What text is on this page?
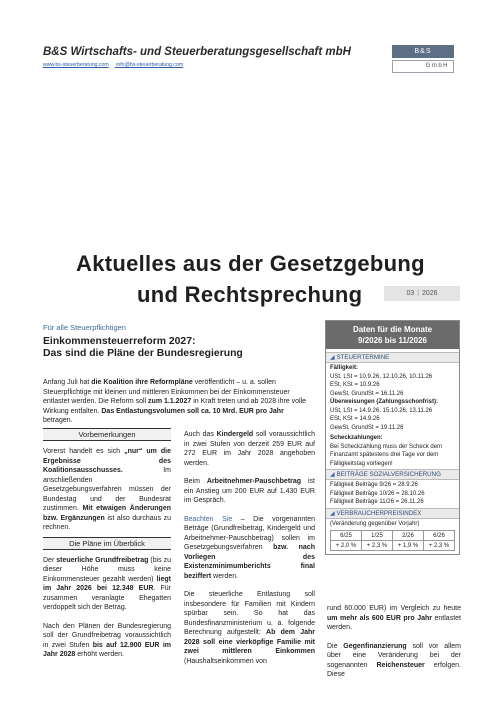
B&S Wirtschafts- und Steuerberatungsgesellschaft mbH
www.bs-steuerberatung.com info@bs-steuerberatung.com
B&S
GmbH
Aktuelles aus der Gesetzgebung
und Rechtsprechung	03 | 2026
Für alle Steuerpflichtigen
Einkommensteuerreform 2027:
Das sind die Pläne der Bundesregierung
Anfang Juli hat die Koalition ihre Reformpläne veröffentlicht – u. a. sollen Steuerpflichtige mit kleinen und mittleren Einkommen bei der Einkommensteuer entlastet werden. Die Reform soll zum 1.1.2027 in Kraft treten und ab 2028 ihre volle Wirkung entfalten. Das Entlastungsvolumen soll ca. 10 Mrd. EUR pro Jahr betragen.
Vorbemerkungen
Vorerst handelt es sich „nur“ um die Ergebnisse des Koalitionsausschusses. Im anschließenden Gesetzgebungsverfahren müssen der Bundestag und der Bundesrat zustimmen. Mit etwaigen Änderungen bzw. Ergänzungen ist also durchaus zu rechnen.
Die Pläne im Überblick
Der steuerliche Grundfreibetrag (bis zu dieser Höhe muss keine Einkommensteuer gezahlt werden) liegt im Jahr 2026 bei 12.348 EUR. Für zusammen veranlagte Ehegatten verdoppelt sich der Betrag.
Nach den Plänen der Bundesregierung soll der Grundfreibetrag voraussichtlich in zwei Stufen bis auf 12.900 EUR im Jahr 2028 erhöht werden.
Auch das Kindergeld soll voraussichtlich in zwei Stufen von derzeit 259 EUR auf 272 EUR im Jahr 2028 angehoben werden.
Beim Arbeitnehmer-Pauschbetrag ist ein Anstieg um 200 EUR auf 1.430 EUR im Gespräch.
Beachten Sie – Die vorgenannten Beträge (Grundfreibetrag, Kindergeld und Arbeitnehmer-Pauschbetrag) sollen im Gesetzgebungsverfahren bzw. nach Vorliegen des Existenzminimumberichts final beziffert werden.
Die steuerliche Entlastung soll insbesondere für Familien mit Kindern spürbar sein. So hat das Bundesfinanzministerium u. a. folgende Berechnung aufgestellt: Ab dem Jahr 2028 soll eine vierköpfige Familie mit zwei mittleren Einkommen (Haushaltseinkommen von
rund 60.000 EUR) im Vergleich zu heute um mehr als 600 EUR pro Jahr entlastet werden.
Die Gegenfinanzierung soll vor allem über eine Veränderung bei der sogenannten Reichensteuer erfolgen. Diese
Daten für die Monate
9/2026 bis 11/2026
◢ STEUERTERMINE
Fälligkeit:
USt, LSt = 10.9.26, 12.10.26, 10.11.26
ESt, KSt = 10.9.26
GewSt, GrundSt = 16.11.26
Überweisungen (Zahlungsschonfrist):
USt, LSt = 14.9.26, 15.10.26, 13.11.26
ESt, KSt = 14.9.26
GewSt, GrundSt = 19.11.26
Scheckzahlungen:
Bei Scheckzahlung muss der Scheck dem Finanzamt spätestens drei Tage vor dem Fälligkeitstag vorliegen!
◢ BEITRÄGE SOZIALVERSICHERUNG
Fälligkeit Beiträge 9/26 = 28.9.26
Fälligkeit Beiträge 10/26 = 28.10.26
Fälligkeit Beiträge 11/26 = 26.11.26
◢ VERBRAUCHERPREISINDEX
(Veränderung gegenüber Vorjahr)
6/25	1/25	2/26	6/26
+ 2,0 %	+ 2,3 %	+ 1,9 %	+ 2,3 %
